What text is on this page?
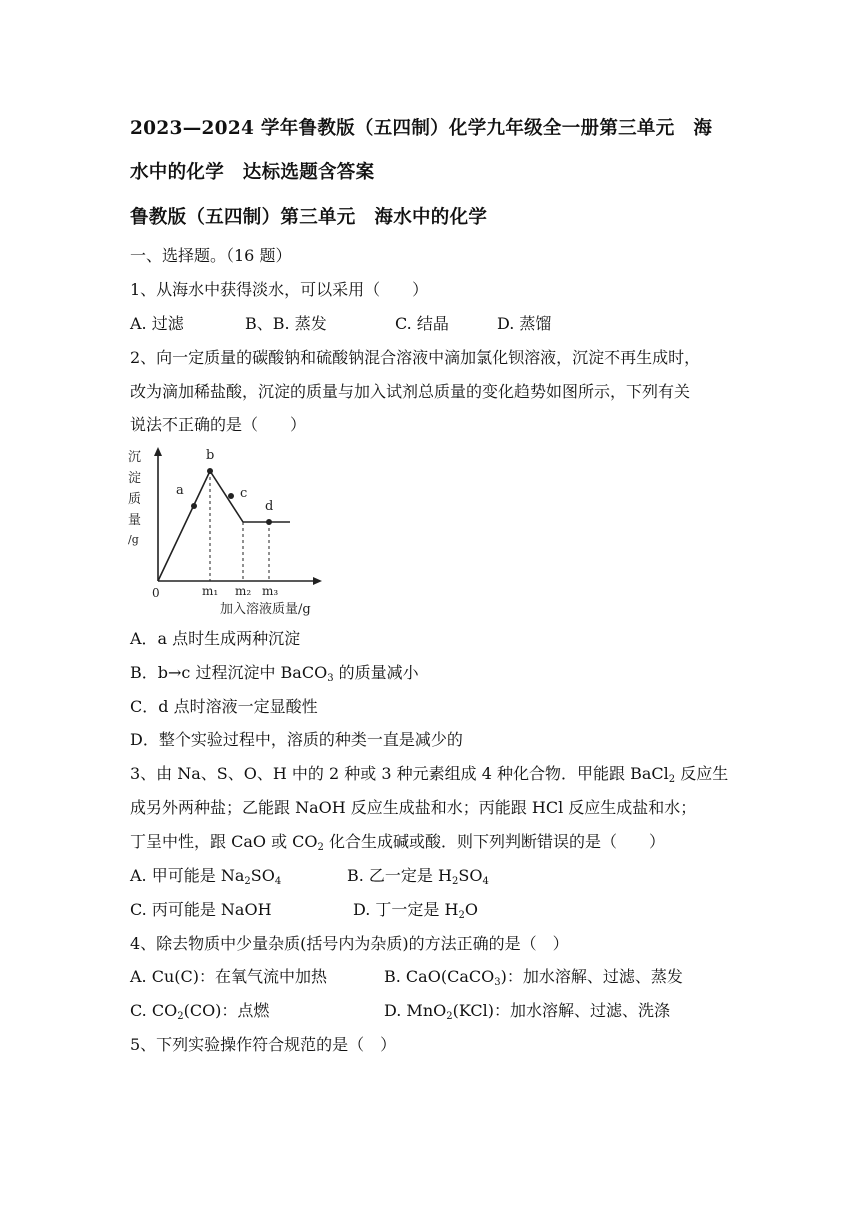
2023—2024 学年鲁教版（五四制）化学九年级全一册第三单元　海
水中的化学　达标选题含答案
鲁教版（五四制）第三单元　海水中的化学
一、选择题。（16 题）
1、从海水中获得淡水，可以采用（　　）
A. 过滤	B、B. 蒸发	C. 结晶	D. 蒸馏
2、向一定质量的碳酸钠和硫酸钠混合溶液中滴加氯化钡溶液，沉淀不再生成时，
改为滴加稀盐酸，沉淀的质量与加入试剂总质量的变化趋势如图所示，下列有关
说法不正确的是（　　）
沉
淀
质
量
/g
a
b
c
d
0	m₁ m₂ m₃
加入溶液质量/g
A．a 点时生成两种沉淀
B．b→c 过程沉淀中 BaCO$_3$ 的质量减小
C．d 点时溶液一定显酸性
D．整个实验过程中，溶质的种类一直是减少的
3、由 Na、S、O、H 中的 2 种或 3 种元素组成 4 种化合物．甲能跟 BaCl$_2$ 反应生
成另外两种盐；乙能跟 NaOH 反应生成盐和水；丙能跟 HCl 反应生成盐和水；
丁呈中性，跟 CaO 或 $CO_2$ 化合生成碱或酸．则下列判断错误的是（　　）
A. 甲可能是 $Na_2SO_4$	B. 乙一定是 $H_2SO_4$
C. 丙可能是 NaOH	D. 丁一定是 $H_2O$
4、除去物质中少量杂质(括号内为杂质)的方法正确的是（　）
A. Cu(C)：在氧气流中加热	B. CaO(CaCO$_3$)：加水溶解、过滤、蒸发
C. $CO_2(CO)$：点燃	D. MnO$_2$(KCl)：加水溶解、过滤、洗涤
5、下列实验操作符合规范的是（　）
